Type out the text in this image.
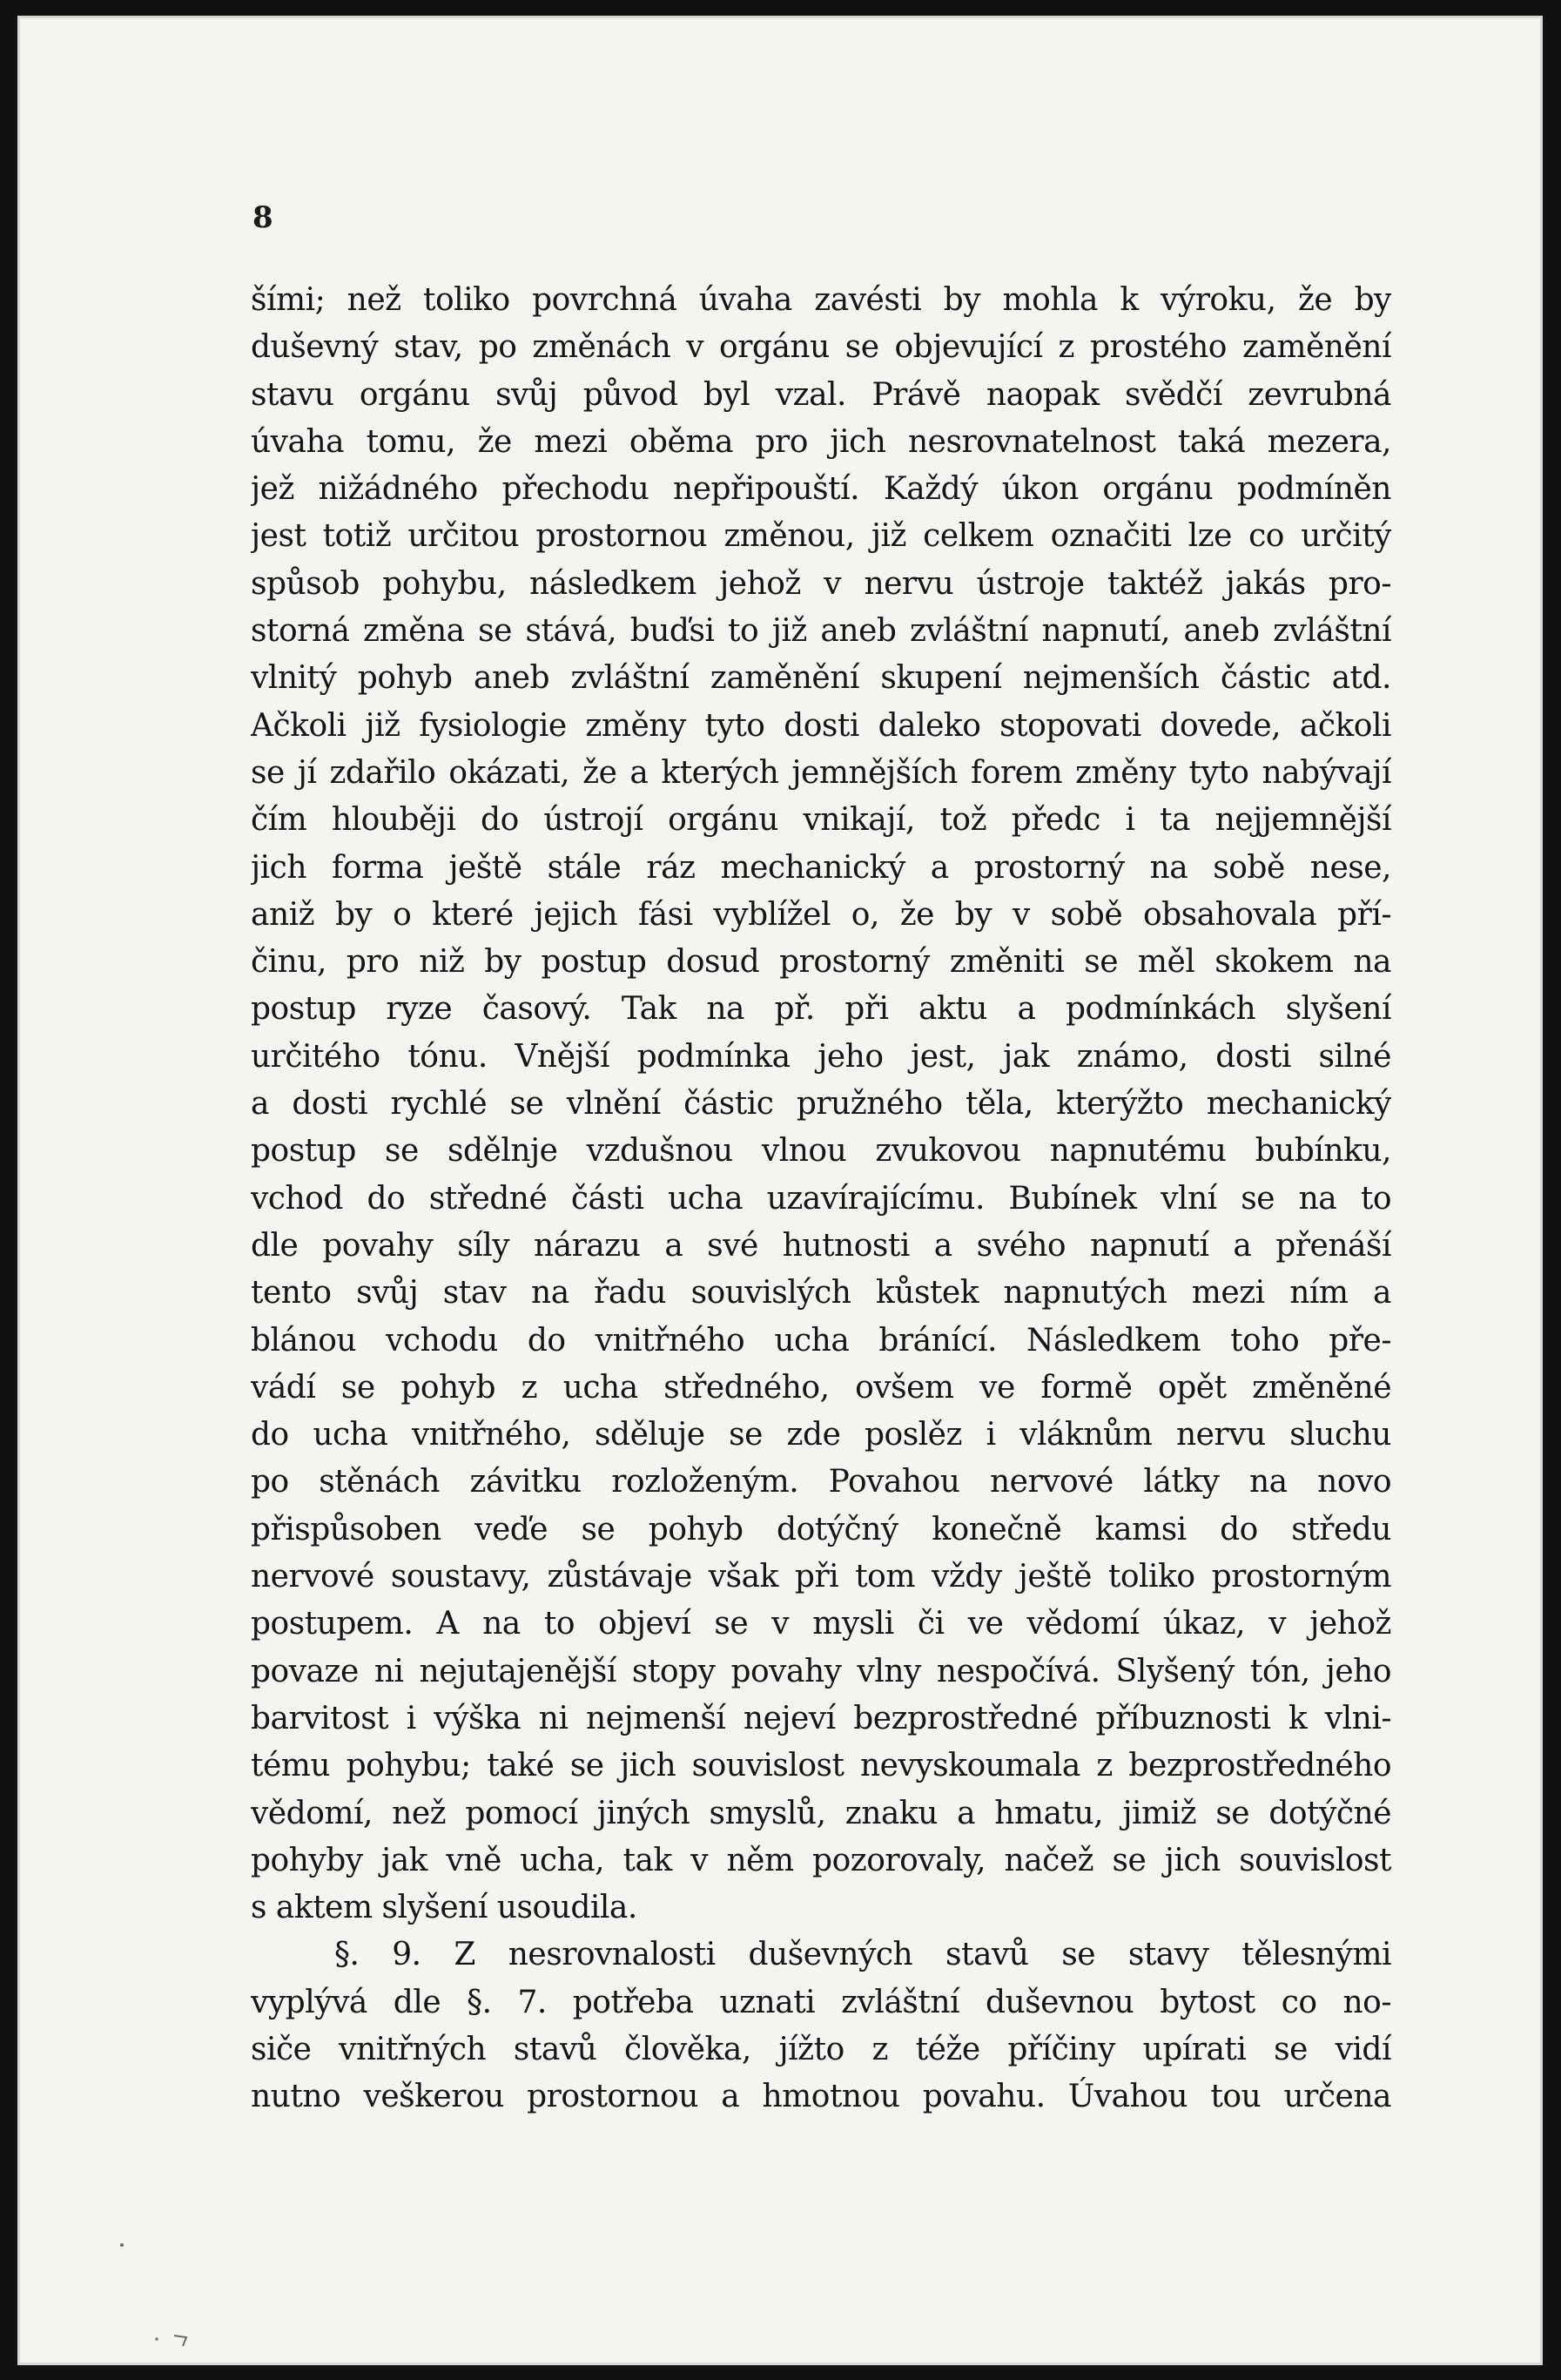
8
šími; než toliko povrchná úvaha zavésti by mohla k výroku, že by
duševný stav, po změnách v orgánu se objevující z prostého zaměnění
stavu orgánu svůj původ byl vzal. Právě naopak svědčí zevrubná
úvaha tomu, že mezi oběma pro jich nesrovnatelnost taká mezera,
jež nižádného přechodu nepřipouští. Každý úkon orgánu podmíněn
jest totiž určitou prostornou změnou, již celkem označiti lze co určitý
spůsob pohybu, následkem jehož v nervu ústroje taktéž jakás pro-
storná změna se stává, buďsi to již aneb zvláštní napnutí, aneb zvláštní
vlnitý pohyb aneb zvláštní zaměnění skupení nejmenších částic atd.
Ačkoli již fysiologie změny tyto dosti daleko stopovati dovede, ačkoli
se jí zdařilo okázati, že a kterých jemnějších forem změny tyto nabývají
čím hlouběji do ústrojí orgánu vnikají, tož předc i ta nejjemnější
jich forma ještě stále ráz mechanický a prostorný na sobě nese,
aniž by o které jejich fási vyblížel o, že by v sobě obsahovala pří-
činu, pro niž by postup dosud prostorný změniti se měl skokem na
postup ryze časový. Tak na př. při aktu a podmínkách slyšení
určitého tónu. Vnější podmínka jeho jest, jak známo, dosti silné
a dosti rychlé se vlnění částic pružného těla, kterýžto mechanický
postup se sdělnje vzdušnou vlnou zvukovou napnutému bubínku,
vchod do středné části ucha uzavírajícímu. Bubínek vlní se na to
dle povahy síly nárazu a své hutnosti a svého napnutí a přenáší
tento svůj stav na řadu souvislých kůstek napnutých mezi ním a
blánou vchodu do vnitřného ucha bránící. Následkem toho pře-
vádí se pohyb z ucha středného, ovšem ve formě opět změněné
do ucha vnitřného, sděluje se zde poslěz i vláknům nervu sluchu
po stěnách závitku rozloženým. Povahou nervové látky na novo
přispůsoben veďe se pohyb dotýčný konečně kamsi do středu
nervové soustavy, zůstávaje však při tom vždy ještě toliko prostorným
postupem. A na to objeví se v mysli či ve vědomí úkaz, v jehož
povaze ni nejutajenější stopy povahy vlny nespočívá. Slyšený tón, jeho
barvitost i výška ni nejmenší nejeví bezprostředné příbuznosti k vlni-
tému pohybu; také se jich souvislost nevyskoumala z bezprostředného
vědomí, než pomocí jiných smyslů, znaku a hmatu, jimiž se dotýčné
pohyby jak vně ucha, tak v něm pozorovaly, načež se jich souvislost
s aktem slyšení usoudila.
§. 9. Z nesrovnalosti duševných stavů se stavy tělesnými
vyplývá dle §. 7. potřeba uznati zvláštní duševnou bytost co no-
siče vnitřných stavů člověka, jížto z téže příčiny upírati se vidí
nutno veškerou prostornou a hmotnou povahu. Úvahou tou určena
